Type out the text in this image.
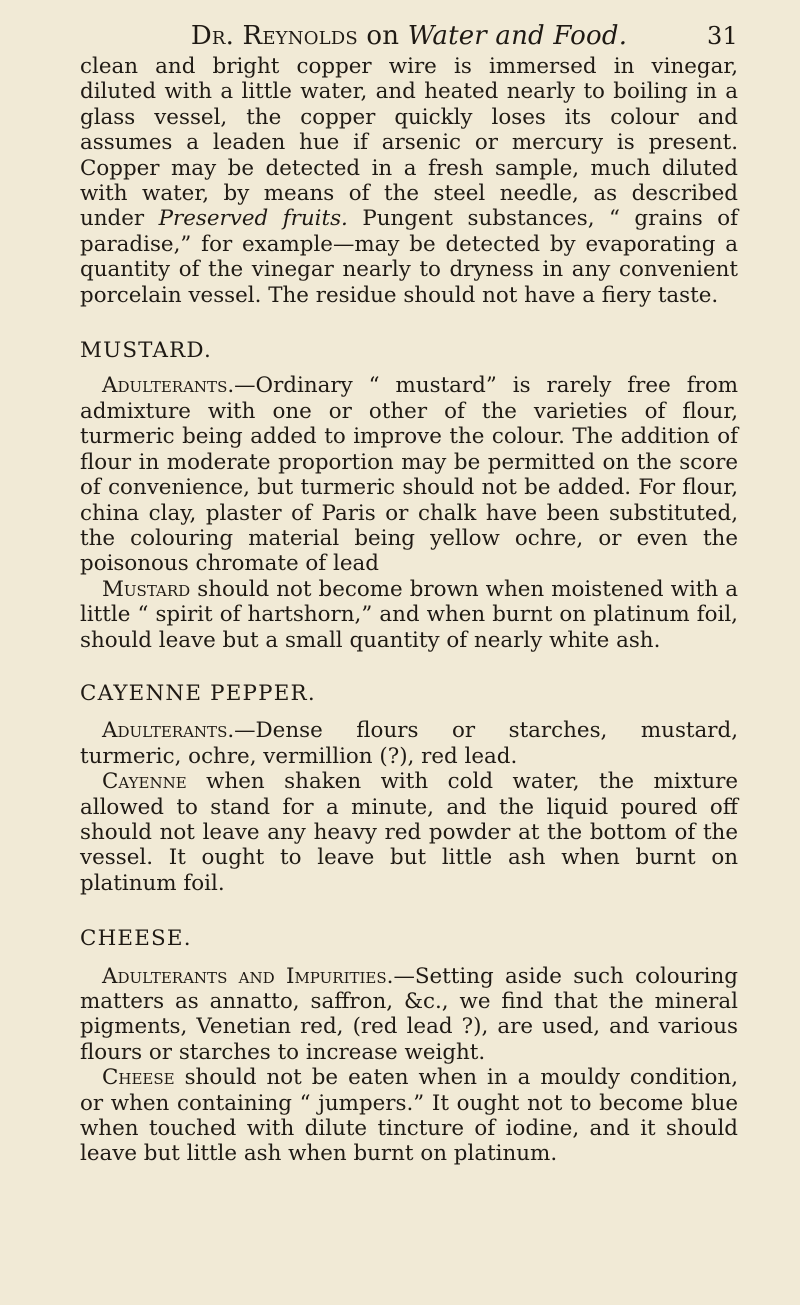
Dr. Reynolds on Water and Food.	31

clean and bright copper wire is immersed in vinegar, diluted with a little water, and heated nearly to boiling in a glass vessel, the copper quickly loses its colour and assumes a leaden hue if arsenic or mercury is present. Copper may be detected in a fresh sample, much diluted with water, by means of the steel needle, as described under Preserved fruits. Pungent substances, “ grains of paradise,” for example—may be detected by evaporating a quantity of the vinegar nearly to dryness in any convenient porcelain vessel. The residue should not have a fiery taste.

MUSTARD.

Adulterants.—Ordinary “ mustard” is rarely free from admixture with one or other of the varieties of flour, turmeric being added to improve the colour. The addition of flour in moderate proportion may be permitted on the score of convenience, but turmeric should not be added. For flour, china clay, plaster of Paris or chalk have been substituted, the colouring material being yellow ochre, or even the poisonous chromate of lead

Mustard should not become brown when moistened with a little “ spirit of hartshorn,” and when burnt on platinum foil, should leave but a small quantity of nearly white ash.

CAYENNE PEPPER.

Adulterants.—Dense flours or starches, mustard, turmeric, ochre, vermillion (?), red lead.

Cayenne when shaken with cold water, the mixture allowed to stand for a minute, and the liquid poured off should not leave any heavy red powder at the bottom of the vessel. It ought to leave but little ash when burnt on platinum foil.

CHEESE.

Adulterants and Impurities.—Setting aside such colouring matters as annatto, saffron, &c., we find that the mineral pigments, Venetian red, (red lead ?), are used, and various flours or starches to increase weight.

Cheese should not be eaten when in a mouldy condition, or when containing “ jumpers.” It ought not to become blue when touched with dilute tincture of iodine, and it should leave but little ash when burnt on platinum.
